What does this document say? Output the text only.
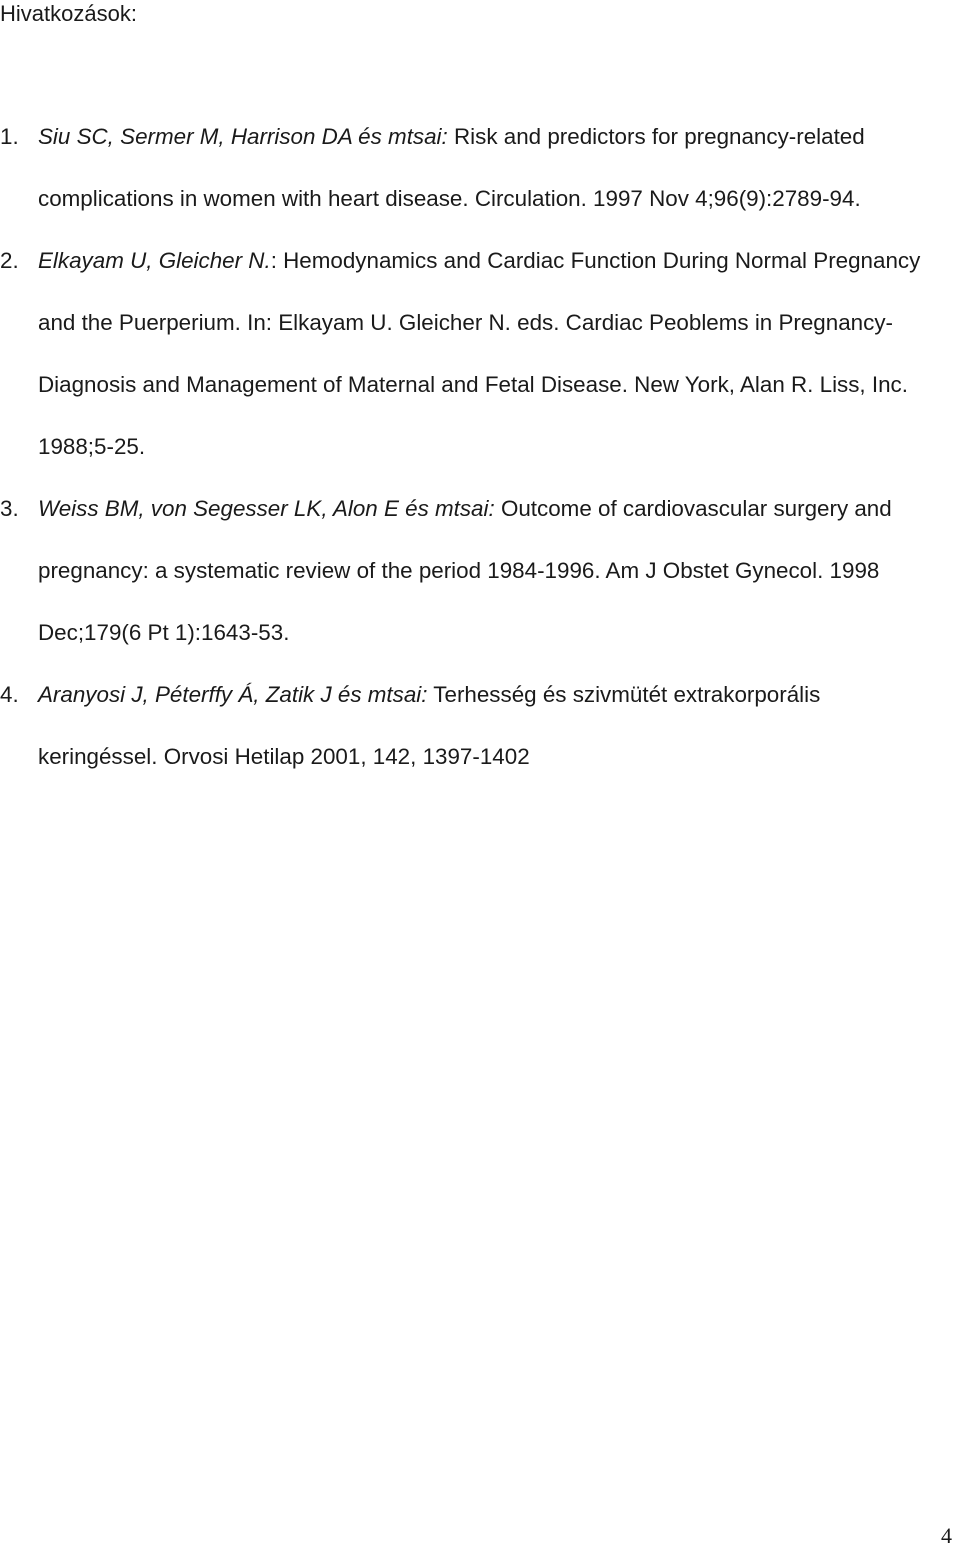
Hivatkozások:
1. Siu SC, Sermer M, Harrison DA és mtsai: Risk and predictors for pregnancy-related
complications in women with heart disease. Circulation. 1997 Nov 4;96(9):2789-94.
2. Elkayam U, Gleicher N.: Hemodynamics and Cardiac Function During Normal Pregnancy
and the Puerperium. In: Elkayam U. Gleicher N. eds. Cardiac Peoblems in Pregnancy-
Diagnosis and Management of Maternal and Fetal Disease. New York, Alan R. Liss, Inc.
1988;5-25.
3. Weiss BM, von Segesser LK, Alon E és mtsai: Outcome of cardiovascular surgery and
pregnancy: a systematic review of the period 1984-1996. Am J Obstet Gynecol. 1998
Dec;179(6 Pt 1):1643-53.
4. Aranyosi J, Péterffy Á, Zatik J és mtsai: Terhesség és szivmütét extrakorporális
keringéssel. Orvosi Hetilap 2001, 142, 1397-1402
4
